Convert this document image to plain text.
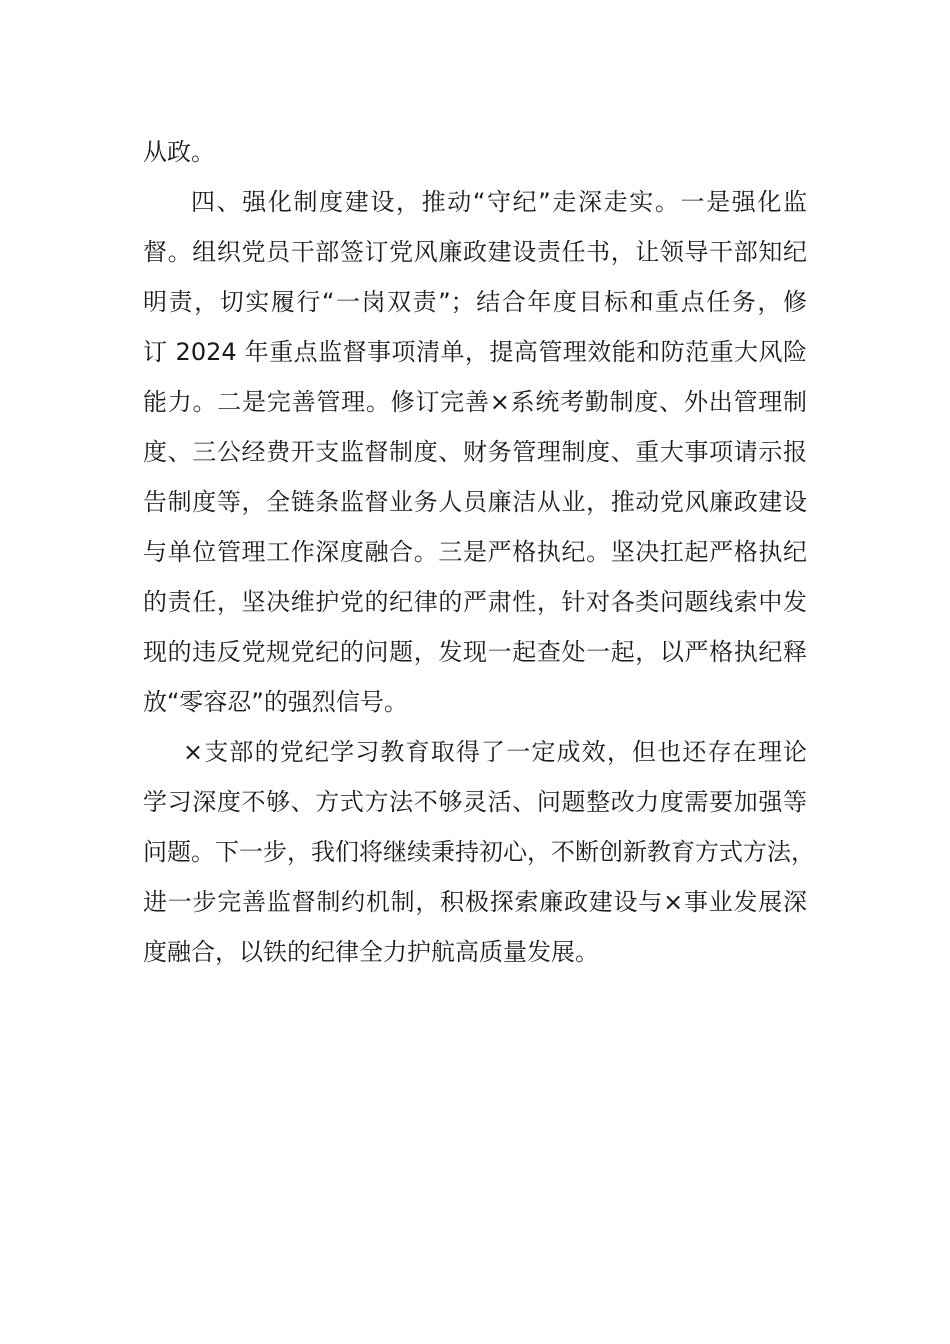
从政。
四、强化制度建设，推动“守纪”走深走实。一是强化监
督。组织党员干部签订党风廉政建设责任书，让领导干部知纪
明责，切实履行“一岗双责”；结合年度目标和重点任务，修
订 2024 年重点监督事项清单，提高管理效能和防范重大风险
能力。二是完善管理。修订完善×系统考勤制度、外出管理制
度、三公经费开支监督制度、财务管理制度、重大事项请示报
告制度等，全链条监督业务人员廉洁从业，推动党风廉政建设
与单位管理工作深度融合。三是严格执纪。坚决扛起严格执纪
的责任，坚决维护党的纪律的严肃性，针对各类问题线索中发
现的违反党规党纪的问题，发现一起查处一起，以严格执纪释
放“零容忍”的强烈信号。
×支部的党纪学习教育取得了一定成效，但也还存在理论
学习深度不够、方式方法不够灵活、问题整改力度需要加强等
问题。下一步，我们将继续秉持初心，不断创新教育方式方法，
进一步完善监督制约机制，积极探索廉政建设与×事业发展深
度融合，以铁的纪律全力护航高质量发展。
